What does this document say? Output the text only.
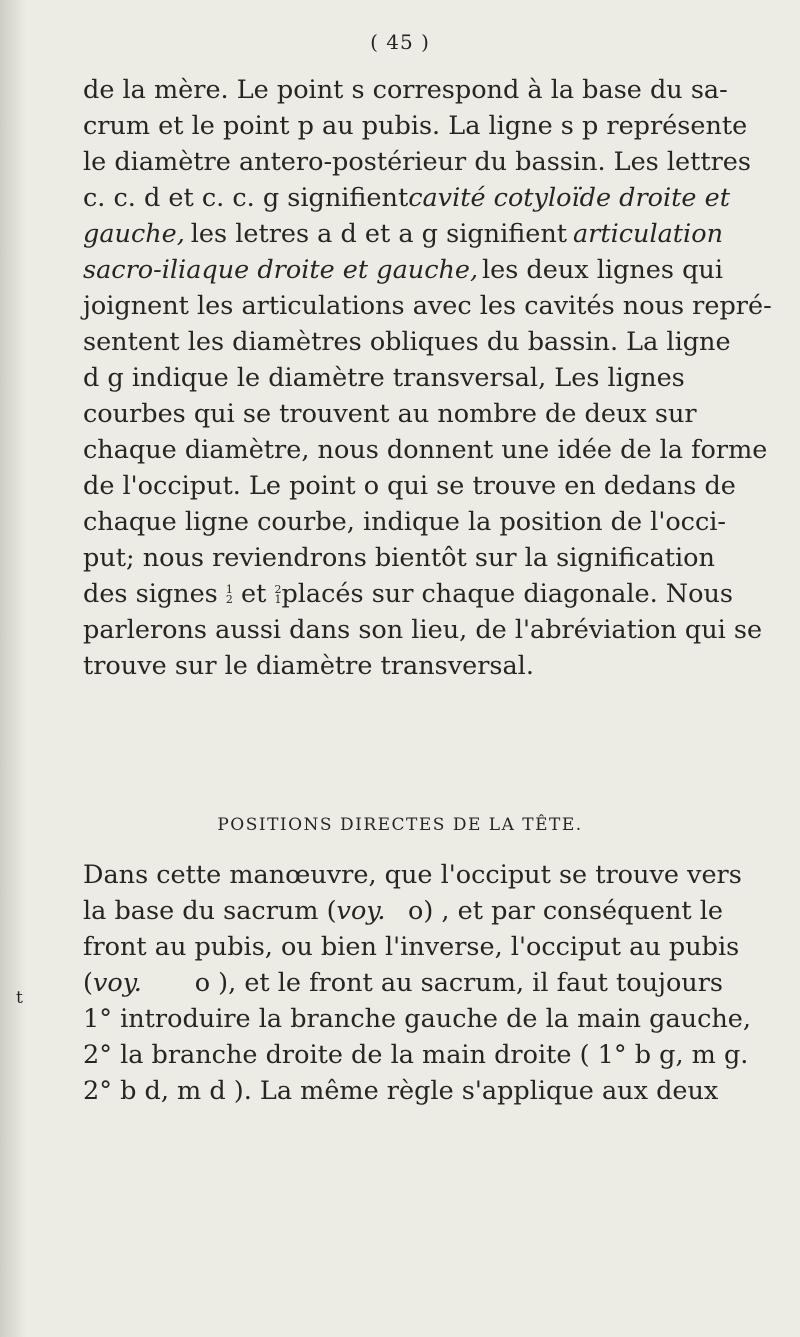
( 45 )
de la mère. Le point s correspond à la base du sa-
crum et le point p au pubis. La ligne s p représente
le diamètre antero-postérieur du bassin. Les lettres
c. c. d et c. c. g signifient cavité cotyloïde droite et
gauche, les letres a d et a g signifient articulation
sacro-iliaque droite et gauche, les deux lignes qui
joignent les articulations avec les cavités nous repré-
sentent les diamètres obliques du bassin. La ligne
d g indique le diamètre transversal, Les lignes
courbes qui se trouvent au nombre de deux sur
chaque diamètre, nous donnent une idée de la forme
de l'occiput. Le point o qui se trouve en dedans de
chaque ligne courbe, indique la position de l'occi-
put; nous reviendrons bientôt sur la signification
des signes 1
2 et 2
1 placés sur chaque diagonale. Nous
parlerons aussi dans son lieu, de l'abréviation qui se
trouve sur le diamètre transversal.
POSITIONS DIRECTES DE LA TÊTE.
t
Dans cette manœuvre, que l'occiput se trouve vers
la base du sacrum (voy. o) , et par conséquent le
front au pubis, ou bien l'inverse, l'occiput au pubis
(voy. o ), et le front au sacrum, il faut toujours
1° introduire la branche gauche de la main gauche,
2° la branche droite de la main droite ( 1° b g, m g.
2° b d, m d ). La même règle s'applique aux deux
